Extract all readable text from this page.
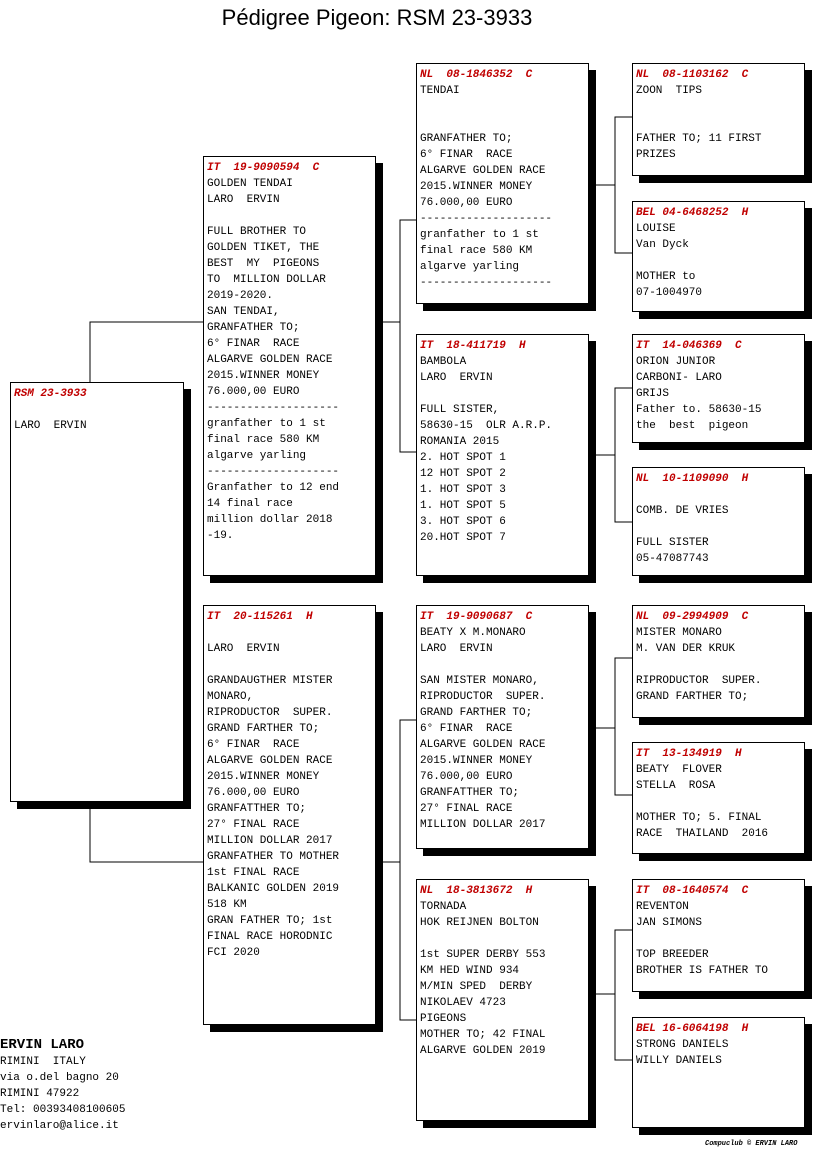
Pédigree Pigeon: RSM 23-3933
RSM 23-3933

LARO  ERVIN
IT  19-9090594  C
GOLDEN TENDAI
LARO  ERVIN

FULL BROTHER TO
GOLDEN TIKET, THE
BEST  MY  PIGEONS
TO  MILLION DOLLAR
2019-2020.
SAN TENDAI,
GRANFATHER TO;
6° FINAR  RACE
ALGARVE GOLDEN RACE
2015.WINNER MONEY
76.000,00 EURO
--------------------
granfather to 1 st
final race 580 KM
algarve yarling
--------------------
Granfather to 12 end
14 final race
million dollar 2018
-19.
IT  20-115261  H

LARO  ERVIN

GRANDAUGTHER MISTER
MONARO,
RIPRODUCTOR  SUPER.
GRAND FARTHER TO;
6° FINAR  RACE
ALGARVE GOLDEN RACE
2015.WINNER MONEY
76.000,00 EURO
GRANFATTHER TO;
27° FINAL RACE
MILLION DOLLAR 2017
GRANFATHER TO MOTHER
1st FINAL RACE
BALKANIC GOLDEN 2019
518 KM
GRAN FATHER TO; 1st
FINAL RACE HORODNIC
FCI 2020
NL  08-1846352  C
TENDAI

GRANFATHER TO;
6° FINAR  RACE
ALGARVE GOLDEN RACE
2015.WINNER MONEY
76.000,00 EURO
--------------------
granfather to 1 st
final race 580 KM
algarve yarling
--------------------
IT  18-411719  H
BAMBOLA
LARO  ERVIN

FULL SISTER,
58630-15  OLR A.R.P.
ROMANIA 2015
2. HOT SPOT 1
12 HOT SPOT 2
1. HOT SPOT 3
1. HOT SPOT 5
3. HOT SPOT 6
20.HOT SPOT 7
IT  19-9090687  C
BEATY X M.MONARO
LARO  ERVIN

SAN MISTER MONARO,
RIPRODUCTOR  SUPER.
GRAND FARTHER TO;
6° FINAR  RACE
ALGARVE GOLDEN RACE
2015.WINNER MONEY
76.000,00 EURO
GRANFATTHER TO;
27° FINAL RACE
MILLION DOLLAR 2017
NL  18-3813672  H
TORNADA
HOK REIJNEN BOLTON

1st SUPER DERBY 553
KM HED WIND 934
M/MIN SPED  DERBY
NIKOLAEV 4723
PIGEONS
MOTHER TO; 42 FINAL
ALGARVE GOLDEN 2019
NL  08-1103162  C
ZOON  TIPS

FATHER TO; 11 FIRST
PRIZES
BEL 04-6468252  H
LOUISE
Van Dyck

MOTHER to
07-1004970
IT  14-046369  C
ORION JUNIOR
CARBONI- LARO
GRIJS
Father to. 58630-15
the  best  pigeon
NL  10-1109090  H

COMB. DE VRIES

FULL SISTER
05-47087743
NL  09-2994909  C
MISTER MONARO
M. VAN DER KRUK

RIPRODUCTOR  SUPER.
GRAND FARTHER TO;
IT  13-134919  H
BEATY  FLOVER
STELLA  ROSA

MOTHER TO; 5. FINAL
RACE  THAILAND  2016
IT  08-1640574  C
REVENTON
JAN SIMONS

TOP BREEDER
BROTHER IS FATHER TO
BEL 16-6064198  H
STRONG DANIELS
WILLY DANIELS
ERVIN LARO
RIMINI  ITALY
via o.del bagno 20
RIMINI 47922
Tel: 00393408100605
ervinlaro@alice.it
Compuclub © ERVIN LARO
